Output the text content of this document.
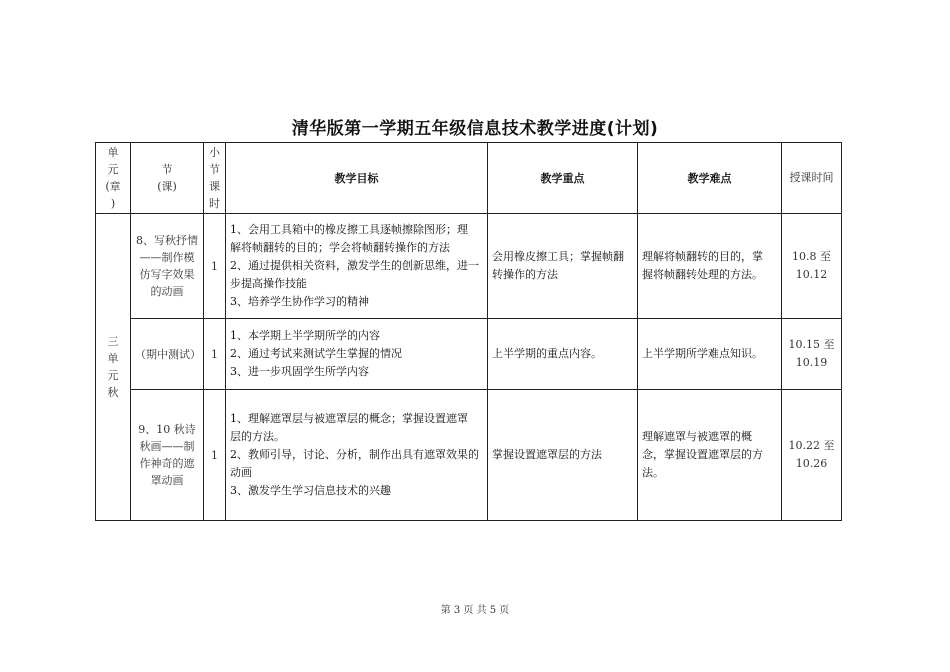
清华版第一学期五年级信息技术教学进度(计划)
单
元
(章
)	节
(课)	小
节
课
时	教学目标	教学重点	教学难点	授课时间

三
单
元
秋	8、写秋抒情
——制作模
仿写字效果
的动画	1	1、会用工具箱中的橡皮擦工具逐帧擦除图形；理
解将帧翻转的目的；学会将帧翻转操作的方法
2、通过提供相关资料，激发学生的创新思维，进一
步提高操作技能
3、培养学生协作学习的精神	会用橡皮擦工具；掌握帧翻
转操作的方法	理解将帧翻转的目的，掌
握将帧翻转处理的方法。	10.8 至
10.12

	（期中测试）	1	1、本学期上半学期所学的内容
2、通过考试来测试学生掌握的情况
3、进一步巩固学生所学内容	上半学期的重点内容。	上半学期所学难点知识。	10.15 至
10.19

	9、10 秋诗
秋画——制
作神奇的遮
罩动画	1	1、理解遮罩层与被遮罩层的概念；掌握设置遮罩
层的方法。
2、教师引导，讨论、分析，制作出具有遮罩效果的
动画
3、激发学生学习信息技术的兴趣	掌握设置遮罩层的方法	理解遮罩与被遮罩的概
念，掌握设置遮罩层的方
法。	10.22 至
10.26
第 3 页 共 5 页
